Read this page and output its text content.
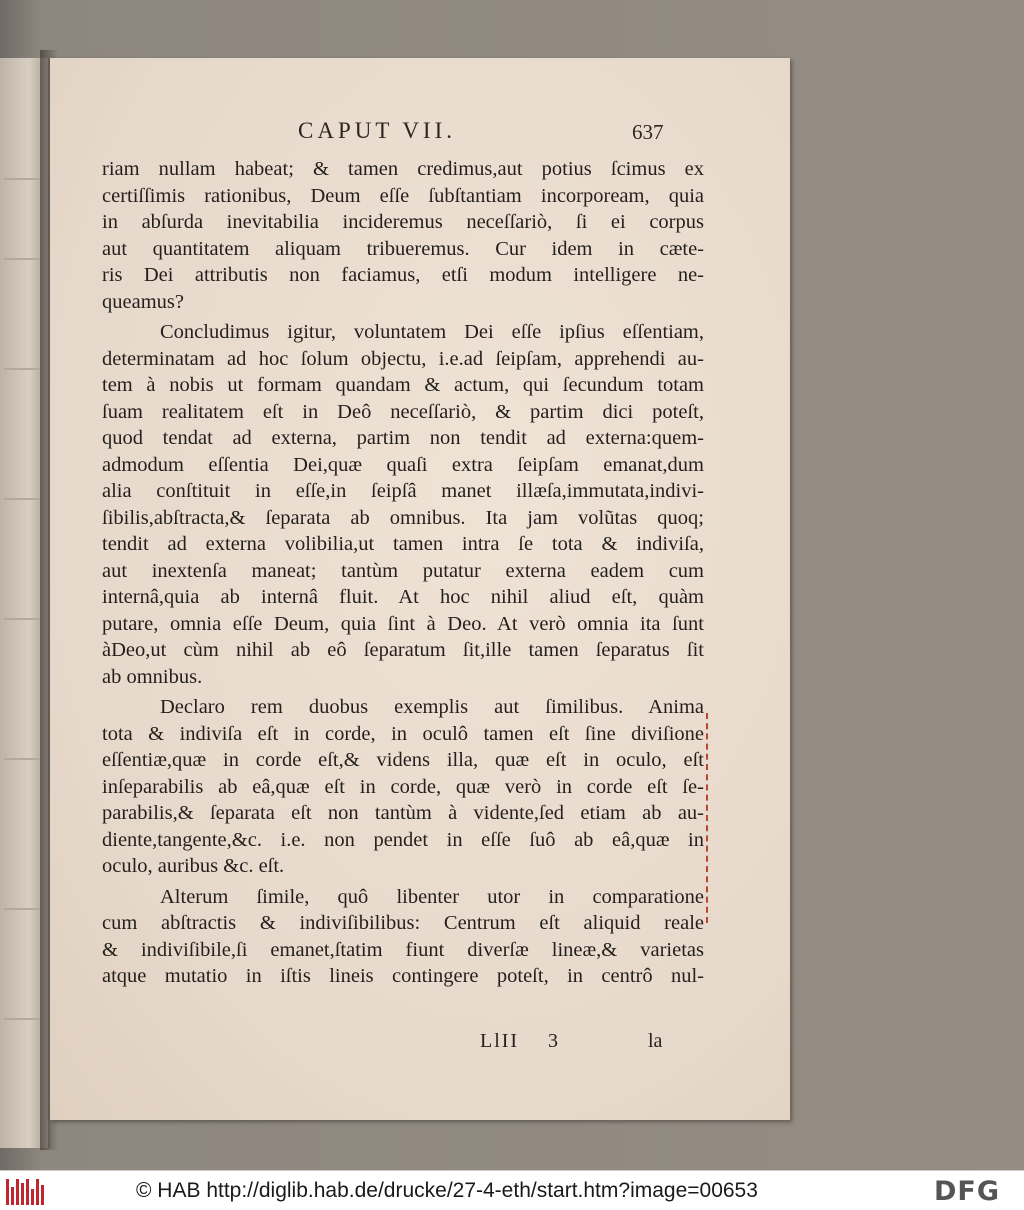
CAPUT VII.	637
riam nullam habeat; & tamen credimus,aut potius ſcimus ex
certiſſimis rationibus, Deum eſſe ſubſtantiam incorpoream, quia
in abſurda inevitabilia incideremus neceſſariò, ſi ei corpus
aut quantitatem aliquam tribueremus. Cur idem in cæte-
ris Dei attributis non faciamus, etſi modum intelligere ne-
queamus?
Concludimus igitur, voluntatem Dei eſſe ipſius eſſentiam,
determinatam ad hoc ſolum objectu, i.e.ad ſeipſam, apprehendi au-
tem à nobis ut formam quandam & actum, qui ſecundum totam
ſuam realitatem eſt in Deô neceſſariò, & partim dici poteſt,
quod tendat ad externa, partim non tendit ad externa:quem-
admodum eſſentia Dei,quæ quaſi extra ſeipſam emanat,dum
alia conſtituit in eſſe,in ſeipſâ manet illæſa,immutata,indivi-
ſibilis,abſtracta,& ſeparata ab omnibus. Ita jam volũtas quoq;
tendit ad externa volibilia,ut tamen intra ſe tota & indiviſa,
aut inextenſa maneat; tantùm putatur externa eadem cum
internâ,quia ab internâ fluit. At hoc nihil aliud eſt, quàm
putare, omnia eſſe Deum, quia ſint à Deo. At verò omnia ita ſunt
àDeo,ut cùm nihil ab eô ſeparatum ſit,ille tamen ſeparatus ſit
ab omnibus.
Declaro rem duobus exemplis aut ſimilibus. Anima
tota & indiviſa eſt in corde, in oculô tamen eſt ſine diviſione
eſſentiæ,quæ in corde eſt,& videns illa, quæ eſt in oculo, eſt
inſeparabilis ab eâ,quæ eſt in corde, quæ verò in corde eſt ſe-
parabilis,& ſeparata eſt non tantùm à vidente,ſed etiam ab au-
diente,tangente,&c. i.e. non pendet in eſſe ſuô ab eâ,quæ in
oculo, auribus &c. eſt.
Alterum ſimile, quô libenter utor in comparatione
cum abſtractis & indiviſibilibus: Centrum eſt aliquid reale
& indiviſibile,ſi emanet,ſtatim fiunt diverſæ lineæ,& varietas
atque mutatio in iſtis lineis contingere poteſt, in centrô nul-
LlII 3	la
© HAB http://diglib.hab.de/drucke/27-4-eth/start.htm?image=00653	DFG
